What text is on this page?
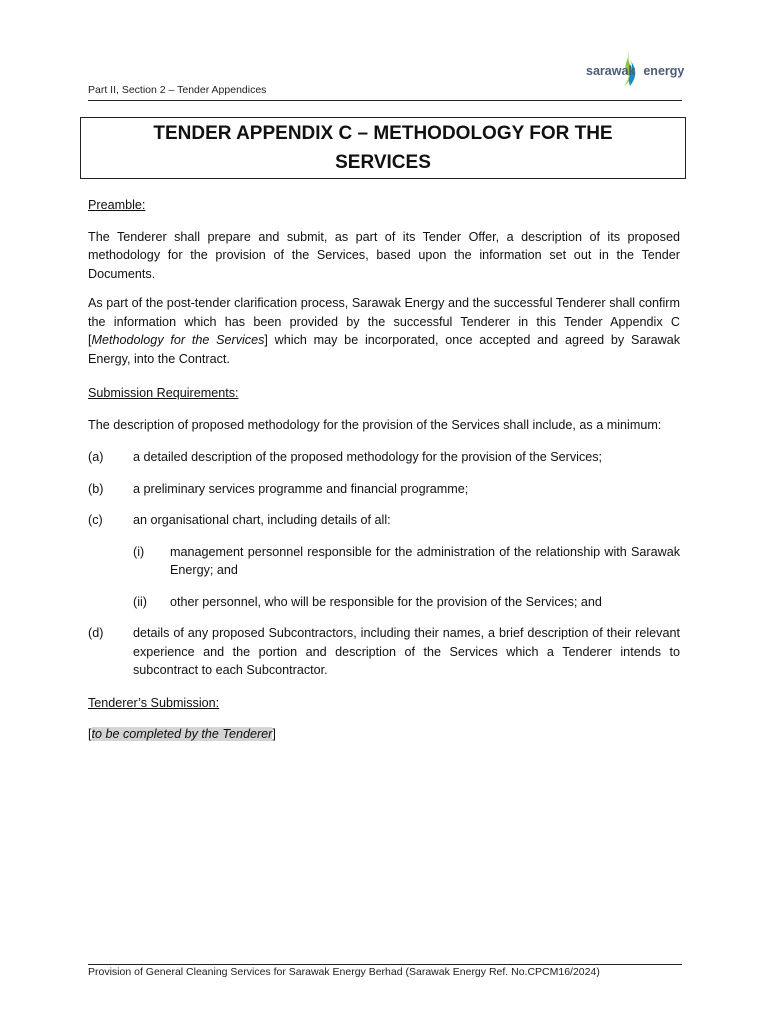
sarawak energy
Part II, Section 2 – Tender Appendices
TENDER APPENDIX C – METHODOLOGY FOR THE SERVICES

Preamble:

The Tenderer shall prepare and submit, as part of its Tender Offer, a description of its proposed methodology for the provision of the Services, based upon the information set out in the Tender Documents.

As part of the post-tender clarification process, Sarawak Energy and the successful Tenderer shall confirm the information which has been provided by the successful Tenderer in this Tender Appendix C [Methodology for the Services] which may be incorporated, once accepted and agreed by Sarawak Energy, into the Contract.

Submission Requirements:

The description of proposed methodology for the provision of the Services shall include, as a minimum:

(a)	a detailed description of the proposed methodology for the provision of the Services;
(b)	a preliminary services programme and financial programme;
(c)	an organisational chart, including details of all:
(i)	management personnel responsible for the administration of the relationship with Sarawak Energy; and
(ii)	other personnel, who will be responsible for the provision of the Services; and
(d)	details of any proposed Subcontractors, including their names, a brief description of their relevant experience and the portion and description of the Services which a Tenderer intends to subcontract to each Subcontractor.

Tenderer’s Submission:

[to be completed by the Tenderer]

Provision of General Cleaning Services for Sarawak Energy Berhad (Sarawak Energy Ref. No.CPCM16/2024)
